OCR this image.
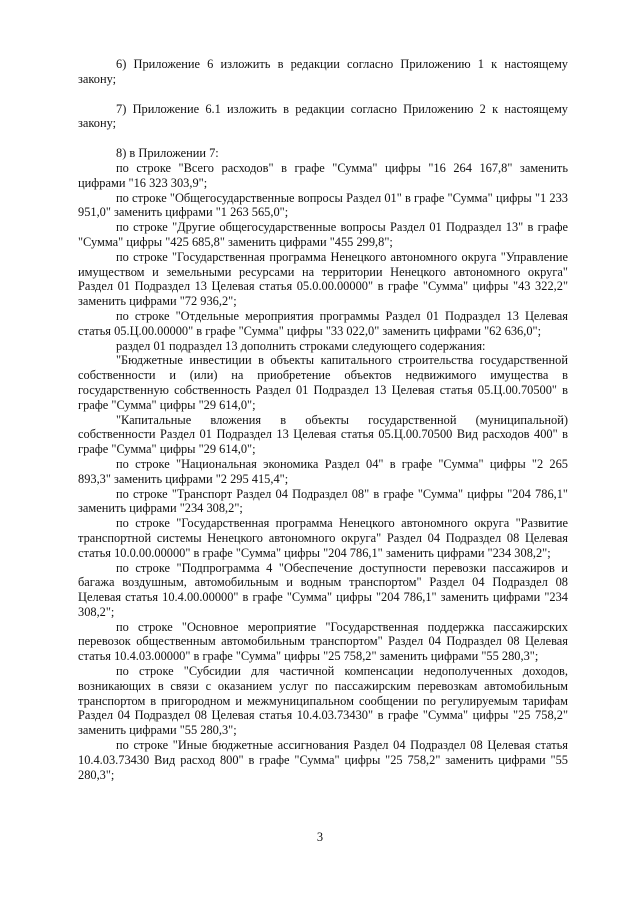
6) Приложение 6 изложить в редакции согласно Приложению 1 к настоящему закону;

7) Приложение 6.1 изложить в редакции согласно Приложению 2 к настоящему закону;

8) в Приложении 7:

по строке "Всего расходов" в графе "Сумма" цифры "16 264 167,8" заменить цифрами "16 323 303,9";

по строке "Общегосударственные вопросы Раздел 01" в графе "Сумма" цифры "1 233 951,0" заменить цифрами "1 263 565,0";

по строке "Другие общегосударственные вопросы Раздел 01 Подраздел 13" в графе "Сумма" цифры "425 685,8" заменить цифрами "455 299,8";

по строке "Государственная программа Ненецкого автономного округа "Управление имуществом и земельными ресурсами на территории Ненецкого автономного округа" Раздел 01 Подраздел 13 Целевая статья 05.0.00.00000" в графе "Сумма" цифры "43 322,2" заменить цифрами "72 936,2";

по строке "Отдельные мероприятия программы Раздел 01 Подраздел 13 Целевая статья 05.Ц.00.00000" в графе "Сумма" цифры "33 022,0" заменить цифрами "62 636,0";

раздел 01 подраздел 13 дополнить строками следующего содержания:

"Бюджетные инвестиции в объекты капитального строительства государственной собственности и (или) на приобретение объектов недвижимого имущества в государственную собственность Раздел 01 Подраздел 13 Целевая статья 05.Ц.00.70500" в графе "Сумма" цифры "29 614,0";

"Капитальные вложения в объекты государственной (муниципальной) собственности Раздел 01 Подраздел 13 Целевая статья 05.Ц.00.70500 Вид расходов 400" в графе "Сумма" цифры "29 614,0";

по строке "Национальная экономика Раздел 04" в графе "Сумма" цифры "2 265 893,3" заменить цифрами "2 295 415,4";

по строке "Транспорт Раздел 04 Подраздел 08" в графе "Сумма" цифры "204 786,1" заменить цифрами "234 308,2";

по строке "Государственная программа Ненецкого автономного округа "Развитие транспортной системы Ненецкого автономного округа" Раздел 04 Подраздел 08 Целевая статья 10.0.00.00000" в графе "Сумма" цифры "204 786,1" заменить цифрами "234 308,2";

по строке "Подпрограмма 4 "Обеспечение доступности перевозки пассажиров и багажа воздушным, автомобильным и водным транспортом" Раздел 04 Подраздел 08 Целевая статья 10.4.00.00000" в графе "Сумма" цифры "204 786,1" заменить цифрами "234 308,2";

по строке "Основное мероприятие "Государственная поддержка пассажирских перевозок общественным автомобильным транспортом" Раздел 04 Подраздел 08 Целевая статья 10.4.03.00000" в графе "Сумма" цифры "25 758,2" заменить цифрами "55 280,3";

по строке "Субсидии для частичной компенсации недополученных доходов, возникающих в связи с оказанием услуг по пассажирским перевозкам автомобильным транспортом в пригородном и межмуниципальном сообщении по регулируемым тарифам Раздел 04 Подраздел 08 Целевая статья 10.4.03.73430" в графе "Сумма" цифры "25 758,2" заменить цифрами "55 280,3";

по строке "Иные бюджетные ассигнования Раздел 04 Подраздел 08 Целевая статья 10.4.03.73430 Вид расход 800" в графе "Сумма" цифры "25 758,2" заменить цифрами "55 280,3";

3
